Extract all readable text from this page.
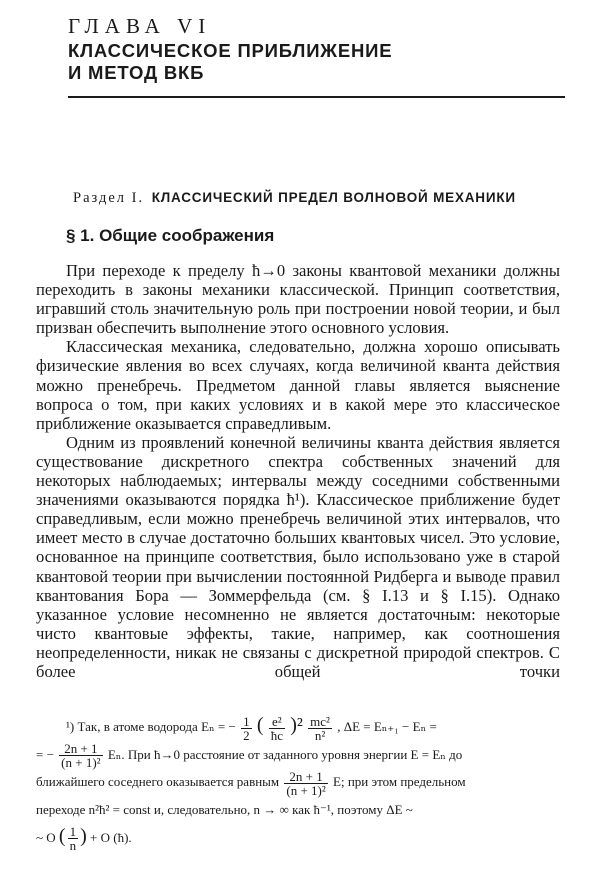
ГЛАВА VI
КЛАССИЧЕСКОЕ ПРИБЛИЖЕНИЕ
И МЕТОД ВКБ
Раздел I. КЛАССИЧЕСКИЙ ПРЕДЕЛ ВОЛНОВОЙ МЕХАНИКИ
§ 1. Общие соображения

При переходе к пределу ħ→0 законы квантовой механики должны переходить в законы механики классической. Принцип соответствия, игравший столь значительную роль при построении новой теории, и был призван обеспечить выполнение этого основного условия.

Классическая механика, следовательно, должна хорошо описывать физические явления во всех случаях, когда величиной кванта действия можно пренебречь. Предметом данной главы является выяснение вопроса о том, при каких условиях и в какой мере это классическое приближение оказывается справедливым.

Одним из проявлений конечной величины кванта действия является существование дискретного спектра собственных значений для некоторых наблюдаемых; интервалы между соседними собственными значениями оказываются порядка ħ¹). Классическое приближение будет справедливым, если можно пренебречь величиной этих интервалов, что имеет место в случае достаточно больших квантовых чисел. Это условие, основанное на принципе соответствия, было использовано уже в старой квантовой теории при вычислении постоянной Ридберга и выводе правил квантования Бора — Зоммерфельда (см. § I.13 и § I.15). Однако указанное условие несомненно не является достаточным: некоторые чисто квантовые эффекты, такие, например, как соотношения неопределенности, никак не связаны с дискретной природой спектров. С более общей точки

¹) Так, в атоме водорода Eₙ = − $\frac{1}{2}$ ( $\frac{\text{e²}}{ħc} )^2 \frac{\text{mc²}}{\text{n²}}$ , ΔE = Eₙ₊₁ − Eₙ =
= − $\frac{2n + 1}{\text{(n + 1)²}} E_n$. При ħ→0 расстояние от заданного уровня энергии E = Eₙ до
ближайшего соседнего оказывается равным $\frac{2n + 1}{\text{(n + 1)²}} E$; при этом предельном
переходе n²ħ² = const и, следовательно, n → ∞ как ħ⁻¹, поэтому ΔE ~
~ O ( $\frac{1}{n}$ ) + O (ħ).
